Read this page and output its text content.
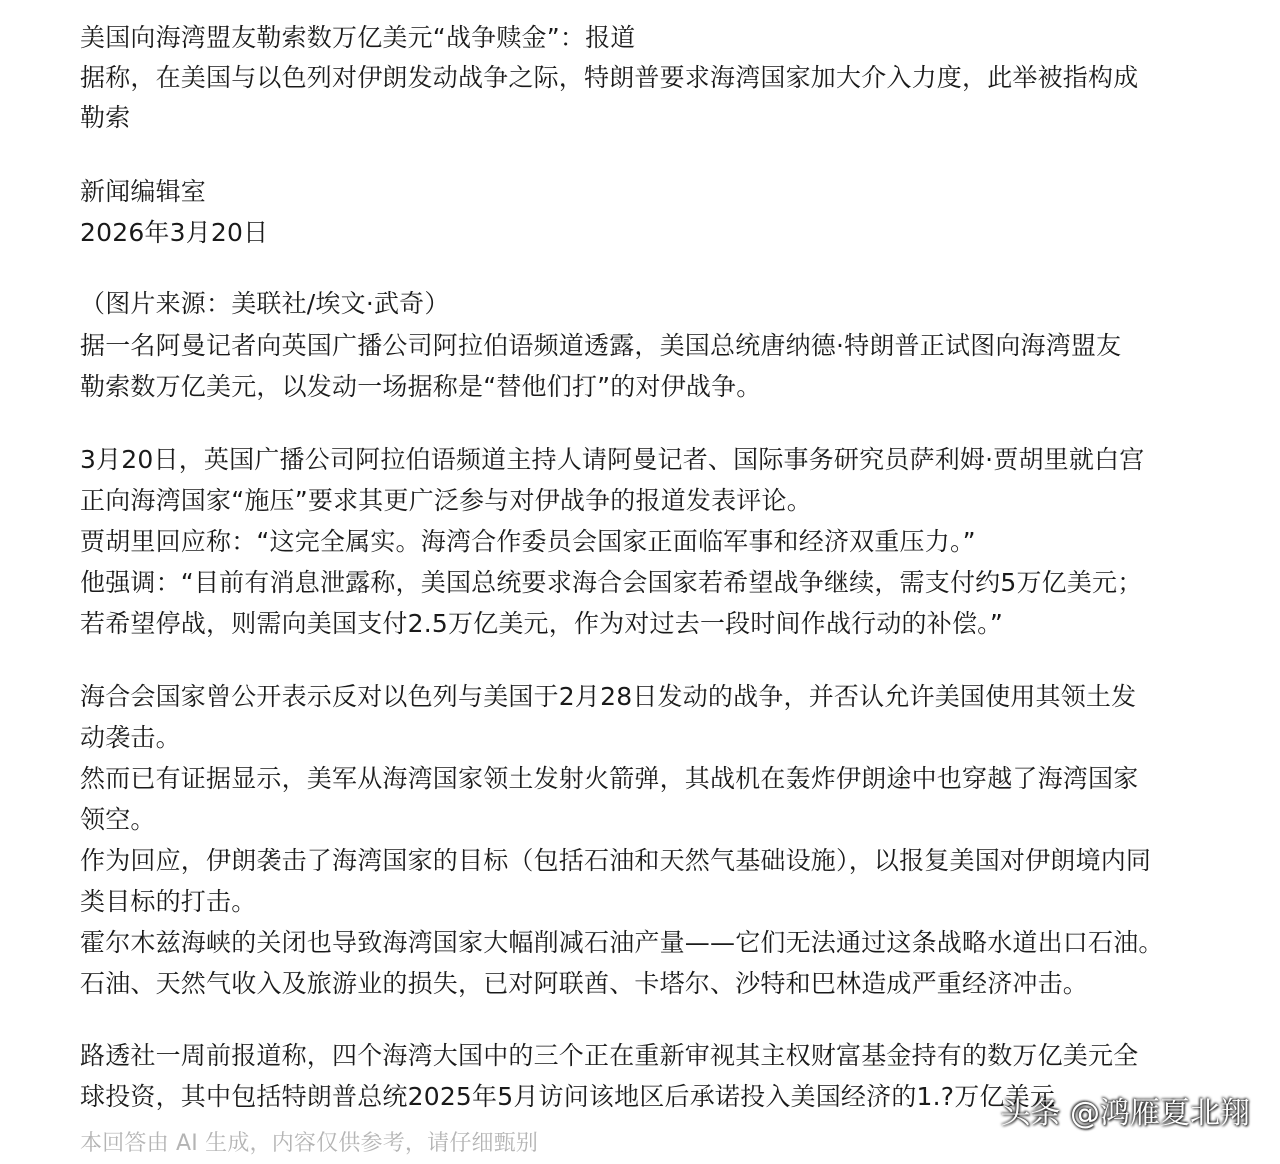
美国向海湾盟友勒索数万亿美元“战争赎金”：报道
据称，在美国与以色列对伊朗发动战争之际，特朗普要求海湾国家加大介入力度，此举被指构成
勒索
新闻编辑室
2026年3月20日
（图片来源：美联社/埃文·武奇）
据一名阿曼记者向英国广播公司阿拉伯语频道透露，美国总统唐纳德·特朗普正试图向海湾盟友
勒索数万亿美元，以发动一场据称是“替他们打”的对伊战争。
3月20日，英国广播公司阿拉伯语频道主持人请阿曼记者、国际事务研究员萨利姆·贾胡里就白宫
正向海湾国家“施压”要求其更广泛参与对伊战争的报道发表评论。
贾胡里回应称：“这完全属实。海湾合作委员会国家正面临军事和经济双重压力。”
他强调：“目前有消息泄露称，美国总统要求海合会国家若希望战争继续，需支付约5万亿美元；
若希望停战，则需向美国支付2.5万亿美元，作为对过去一段时间作战行动的补偿。”
海合会国家曾公开表示反对以色列与美国于2月28日发动的战争，并否认允许美国使用其领土发
动袭击。
然而已有证据显示，美军从海湾国家领土发射火箭弹，其战机在轰炸伊朗途中也穿越了海湾国家
领空。
作为回应，伊朗袭击了海湾国家的目标（包括石油和天然气基础设施），以报复美国对伊朗境内同
类目标的打击。
霍尔木兹海峡的关闭也导致海湾国家大幅削减石油产量——它们无法通过这条战略水道出口石油。
石油、天然气收入及旅游业的损失，已对阿联酋、卡塔尔、沙特和巴林造成严重经济冲击。
路透社一周前报道称，四个海湾大国中的三个正在重新审视其主权财富基金持有的数万亿美元全
球投资，其中包括特朗普总统2025年5月访问该地区后承诺投入美国经济的1.?万亿美元
本回答由 AI 生成，内容仅供参考，请仔细甄别
头条 @鸿雁夏北翔
